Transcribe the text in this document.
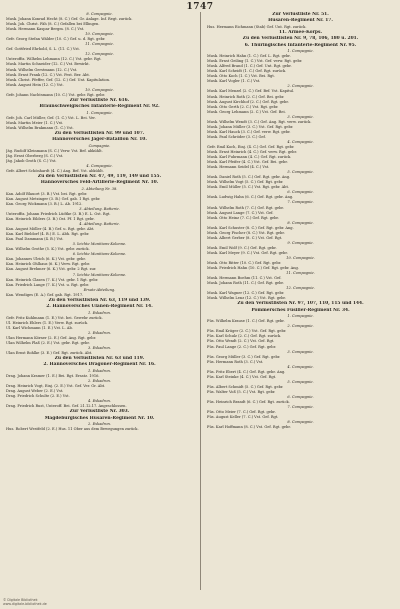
1747
8. Compagnie.
Musk. Johann Konrad Hecht (8. C.) Gef. Gr. Anlage. Inf. Regt. zurück.
Musk. Joh. Christ. Fäh (8. C.) Gefallen bei Ellingen.
Musk. Hermann Kaspar Bergm. (8. C.) Vst.
10. Compagnie.
Gefr. Georg Stefan Wälder (10. C.) Gef. u. d. Rgt. gebr.
11. Compagnie.
Gef. Gottfried Ehrhold, S. L. (11. C.) Vst.
12. Compagnie.
Unteroffiz. Wilhelm Lehmann (12. C.) Vst. gebr. Rgt.
Musk. Martin Schneider (12. C.) Vst. Bewirkt.
Musk. Wilhelm Gerstmann (12. C.) Vst.
Musk. Ernst Frank (12. C.) Vst. Fest. Ber. Abt.
Musk. Christ. Pfeffer, Gef. (12. C.) Gef. Unt. Kapitulation.
Musk. August Hein (12. C.) Vst.
10. Compagnie.
Gefr. Johann Nachtsmann (10. C.) Vst. gebr. Rgt. gebr.
Zur Verlustliste Nr. 616.
Braunschweigisches Infanterie-Regiment Nr. 92.
1. Compagnie.
Gefr. Joh. Carl Müller, Gef. (1. C.) Vst. L. Bei. Ver.
Musk. Martin Meier (1. C.) Vst.
Musk. Wilhelm Brakmann (1. C.) Vst.
Zu den Verlustlisten Nr. 99 und 107.
Hannoversches Jäger-Bataillon Nr. 10.
Compagnie.
Jäg. Rudolf Kleinmann (S. C.) Verw. Vst. Bef. abkühlt.
Jäg. Ernst Oberberg (S. C.) Vst.
Jäg. Jakob Groth (S. C.) Vst.
4. Compagnie.
Gefr. Albert Schönhardt (4. C.) Ang. Bef. Vst. abkühlt.
Zu den Verlustlisten Nr. 47, 49, 119, 149 und 155.
Hannoversches Feld-Artillerie-Regiment Nr. 10.
2. Abteilung Nr. 38.
Kan. Adolf Blauort (3. B.) Vst. bei. Rgt. gebr.
Kan. August Metzinger (3. B.) Gef. gab. 1 Rgt. gebr.
Kan. Georg Wickmann (3. B.) L. Ab. 1912.
3. Abteilung. Batterie.
Unteroffiz. Johann Friedrich Lüdtke (3. B.) E. L. Ost. Rgt.
Kan. Heinrich Eilders (3. B.) Ost. Pf. 1 Rgt. gebr.
4. Abteilung. Batterie.
Kan. August Möller (4. B.) Gef. u. Rgt. gebr. Abt.
Kan. Karl Bieldorf (4. B.) E. L. Abh. Rgt. gebr.
Kan. Paul Dammann (4. B.) Vst.
5. leichte Munitions-Kolonne.
Kan. Wilhelm Grothe (5. K.) Vst. gebr. zurück.
6. leichte Munitions-Kolonne.
Kan. Johannes Ulrich (6. K.) Vst. gebr. gebr.
Kan. Heinrich Ohlhaus (6. K.) Verw. Rgt. gebr.
Kan. August Brehmer (6. K.) Vst. gebr. 2 Rgt. zur.
7. leichte Munitions-Kolonne.
Kan. Heinrich Clasen (7. K.) Vst. gebr. 1 Rgt. gebr.
Kan. Friedrich Lange (7. K.) Vst. u. Rgt. gebr.
Ersatz-Abteilung.
Kan. Wendiges (E. A.) Gef. gab. Rgt. 1917.
Zu den Verlustlisten Nr. 63, 119 und 139.
2. Hannoversches Ulanen-Regiment Nr. 14.
1. Eskadron.
Gefr. Fritz Kuhlmann (1. E.) Vst. bei. Gewehr zurück.
Ul. Heinrich Ehlers (1. E.) Verw. Rgt. zurück.
Ul. Karl Wichmann (1. E.) Vst. L. Ab.
2. Eskadron.
Ulan Hermann Körner (2. E.) Gef. Ang. Rgt. gebr.
Ulan Wilhelm Plaß (2. E.) Vst. gebr. Rgt. gebr.
3. Eskadron.
Ulan Ernst Bohlke (3. E.) Gef. Rgt. zurück. Abt.
Zu den Verlustlisten Nr. 63 und 119.
2. Hannoversches Dragoner-Regiment Nr. 16.
1. Eskadron.
Drag. Johann Kramer (1. E.) Bei. Rgt. Ersatz. 1916.
2. Eskadron.
Drag. Heinrich Vogt, Einj. (2. E.) Vst. Gef. Ver. Gr. Abt.
Drag. August Weber (2. E.) Vst.
Drag. Friedrich Schulte (2. E.) Vst.
4. Eskadron.
Drag. Friedrich Rust, Unteroff. Bei. Gef. 21.12.17. Angeschlossen.
Zur Verlustliste Nr. 303.
Magdeburgisches Husaren-Regiment Nr. 10.
2. Eskadron.
Hus. Robert Westfeld (2. E.) Hus. 11 Ober aus dem Bewegungen zurück.
Zur Verlustliste Nr. 51.
Husaren-Regiment Nr. 17.
Hus. Hermann Eichmann (Stab) Gef. Unt. Rgt. zurück.
11. Armee-Korps.
Zu den Verlustlisten Nr. 9, 78, 106, 180 u. 201.
6. Thüringisches Infanterie-Regiment Nr. 95.
1. Compagnie.
Musk. Heinrich Hahn (1. C.) Gef. L. Rgt. gebr.
Musk. Ernst Geiling (1. C.) Vst. Gef. verw. Rgt. gebr.
Musk. Alfred Brand (1. C.) Gef. Unt. Rgt. gebr.
Musk. Karl Scheidt (1. C.) Gef. Rgt. zurück.
Musk. Otto Koch (1. C.) Vst. Bei. Rgt.
Musk. Karl Vogler (1. C.) Vst.
2. Compagnie.
Musk. Karl Menzel (2. C.) Gef. Bef. Vst. Kapitul.
Musk. Heinrich Roth (2. C.) Gef. Bei. gebr.
Musk. August Kirchhof (2. C.) Gef. Rgt. gebr.
Musk. Otto Gerth (2. C.) Vst. Rgt. gebr.
Musk. Georg Lehmann (2. C.) Vst. Gef. Bei.
3. Compagnie.
Musk. Wilhelm Wendt (3. C.) Gef. Ang. Rgt. verw. zurück.
Musk. Johann Müller (3. C.) Vst. Gef. Rgt. gebr.
Musk. Karl Hauck (3. C.) Gef. verw. Rgt. gebr.
Musk. Paul Schröder (3. C.) Gef.
4. Compagnie.
Gefr. Emil Koch, Einj. (4. C.) Gef. Gef. Rgt. gebr.
Musk. Ernst Heinrich (4. C.) Gef. verw. Rgt. gebr.
Musk. Karl Fuhrmann (4. C.) Gef. Rgt. zurück.
Musk. Karl Pfeifer (4. C.) Vst. Gef. Bei. gebr.
Musk. Hermann Seidel (4. C.) Vst.
5. Compagnie.
Musk. Daniel Roth (5. C.) Gef. Rgt. gebr. Ang.
Musk. Wilhelm Vogt (5. C.) Gef. Rgt. gebr.
Musk. Emil Müller (5. C.) Vst. Rgt. gebr. Abt.
6. Compagnie.
Musk. Ludwig Hahn (6. C.) Gef. Rgt. gebr. Ang.
7. Compagnie.
Musk. Wilhelm Roth (7. C.) Gef. Rgt. gebr.
Musk. August Lange (7. C.) Vst. Gef.
Musk. Otto Heinz (7. C.) Gef. Rgt. gebr.
8. Compagnie.
Musk. Karl Schuster (8. C.) Gef. Rgt. gebr. Ang.
Musk. Georg Fischer (8. C.) Vst. Rgt. gebr.
Musk. Albert Gerber (8. C.) Vst. Gef. Rgt.
9. Compagnie.
Musk. Emil Wolf (9. C.) Gef. Rgt. gebr.
Musk. Karl Meyer (9. C.) Vst. Gef. Rgt. gebr.
10. Compagnie.
Musk. Otto Ritter (10. C.) Gef. Rgt. gebr.
Musk. Friedrich Hahn (10. C.) Gef. Rgt. gebr. Ang.
11. Compagnie.
Musk. Hermann Boehm (11. C.) Vst. Gef.
Musk. Johann Roth (11. C.) Gef. Rgt. gebr.
12. Compagnie.
Musk. Karl Wagner (12. C.) Gef. Rgt. gebr.
Musk. Wilhelm Lenz (12. C.) Vst. Rgt. gebr.
Zu den Verlustlisten Nr. 97, 107, 110, 115 und 144.
Pommersches Füsilier-Regiment Nr. 34.
1. Compagnie.
Füs. Wilhelm Krause (1. C.) Gef. Rgt. gebr.
2. Compagnie.
Füs. Emil Krüger (2. C.) Vst. Gef. Rgt. gebr.
Füs. Karl Schulz (2. C.) Gef. Rgt. zurück.
Füs. Otto Wendt (2. C.) Vst. Gef. Rgt.
Füs. Paul Lange (2. C.) Gef. Rgt. gebr.
3. Compagnie.
Füs. Georg Müller (3. C.) Gef. Rgt. gebr.
Füs. Hermann Roth (3. C.) Vst.
4. Compagnie.
Füs. Fritz Ebert (4. C.) Gef. Rgt. gebr. Ang.
Füs. Karl Steinke (4. C.) Vst. Gef. Rgt.
5. Compagnie.
Füs. Albert Schmidt (5. C.) Gef. Rgt. gebr.
Füs. Walter Voß (5. C.) Vst. Rgt. gebr.
6. Compagnie.
Füs. Heinrich Brandt (6. C.) Gef. Rgt. zurück.
7. Compagnie.
Füs. Otto Meier (7. C.) Gef. Rgt. gebr.
Füs. August Keller (7. C.) Vst. Gef. Rgt.
8. Compagnie.
Füs. Karl Hoffmann (8. C.) Vst. Gef. Rgt. gebr.
© Digitale Bibliothek
www.digitale-bibliothek.de
